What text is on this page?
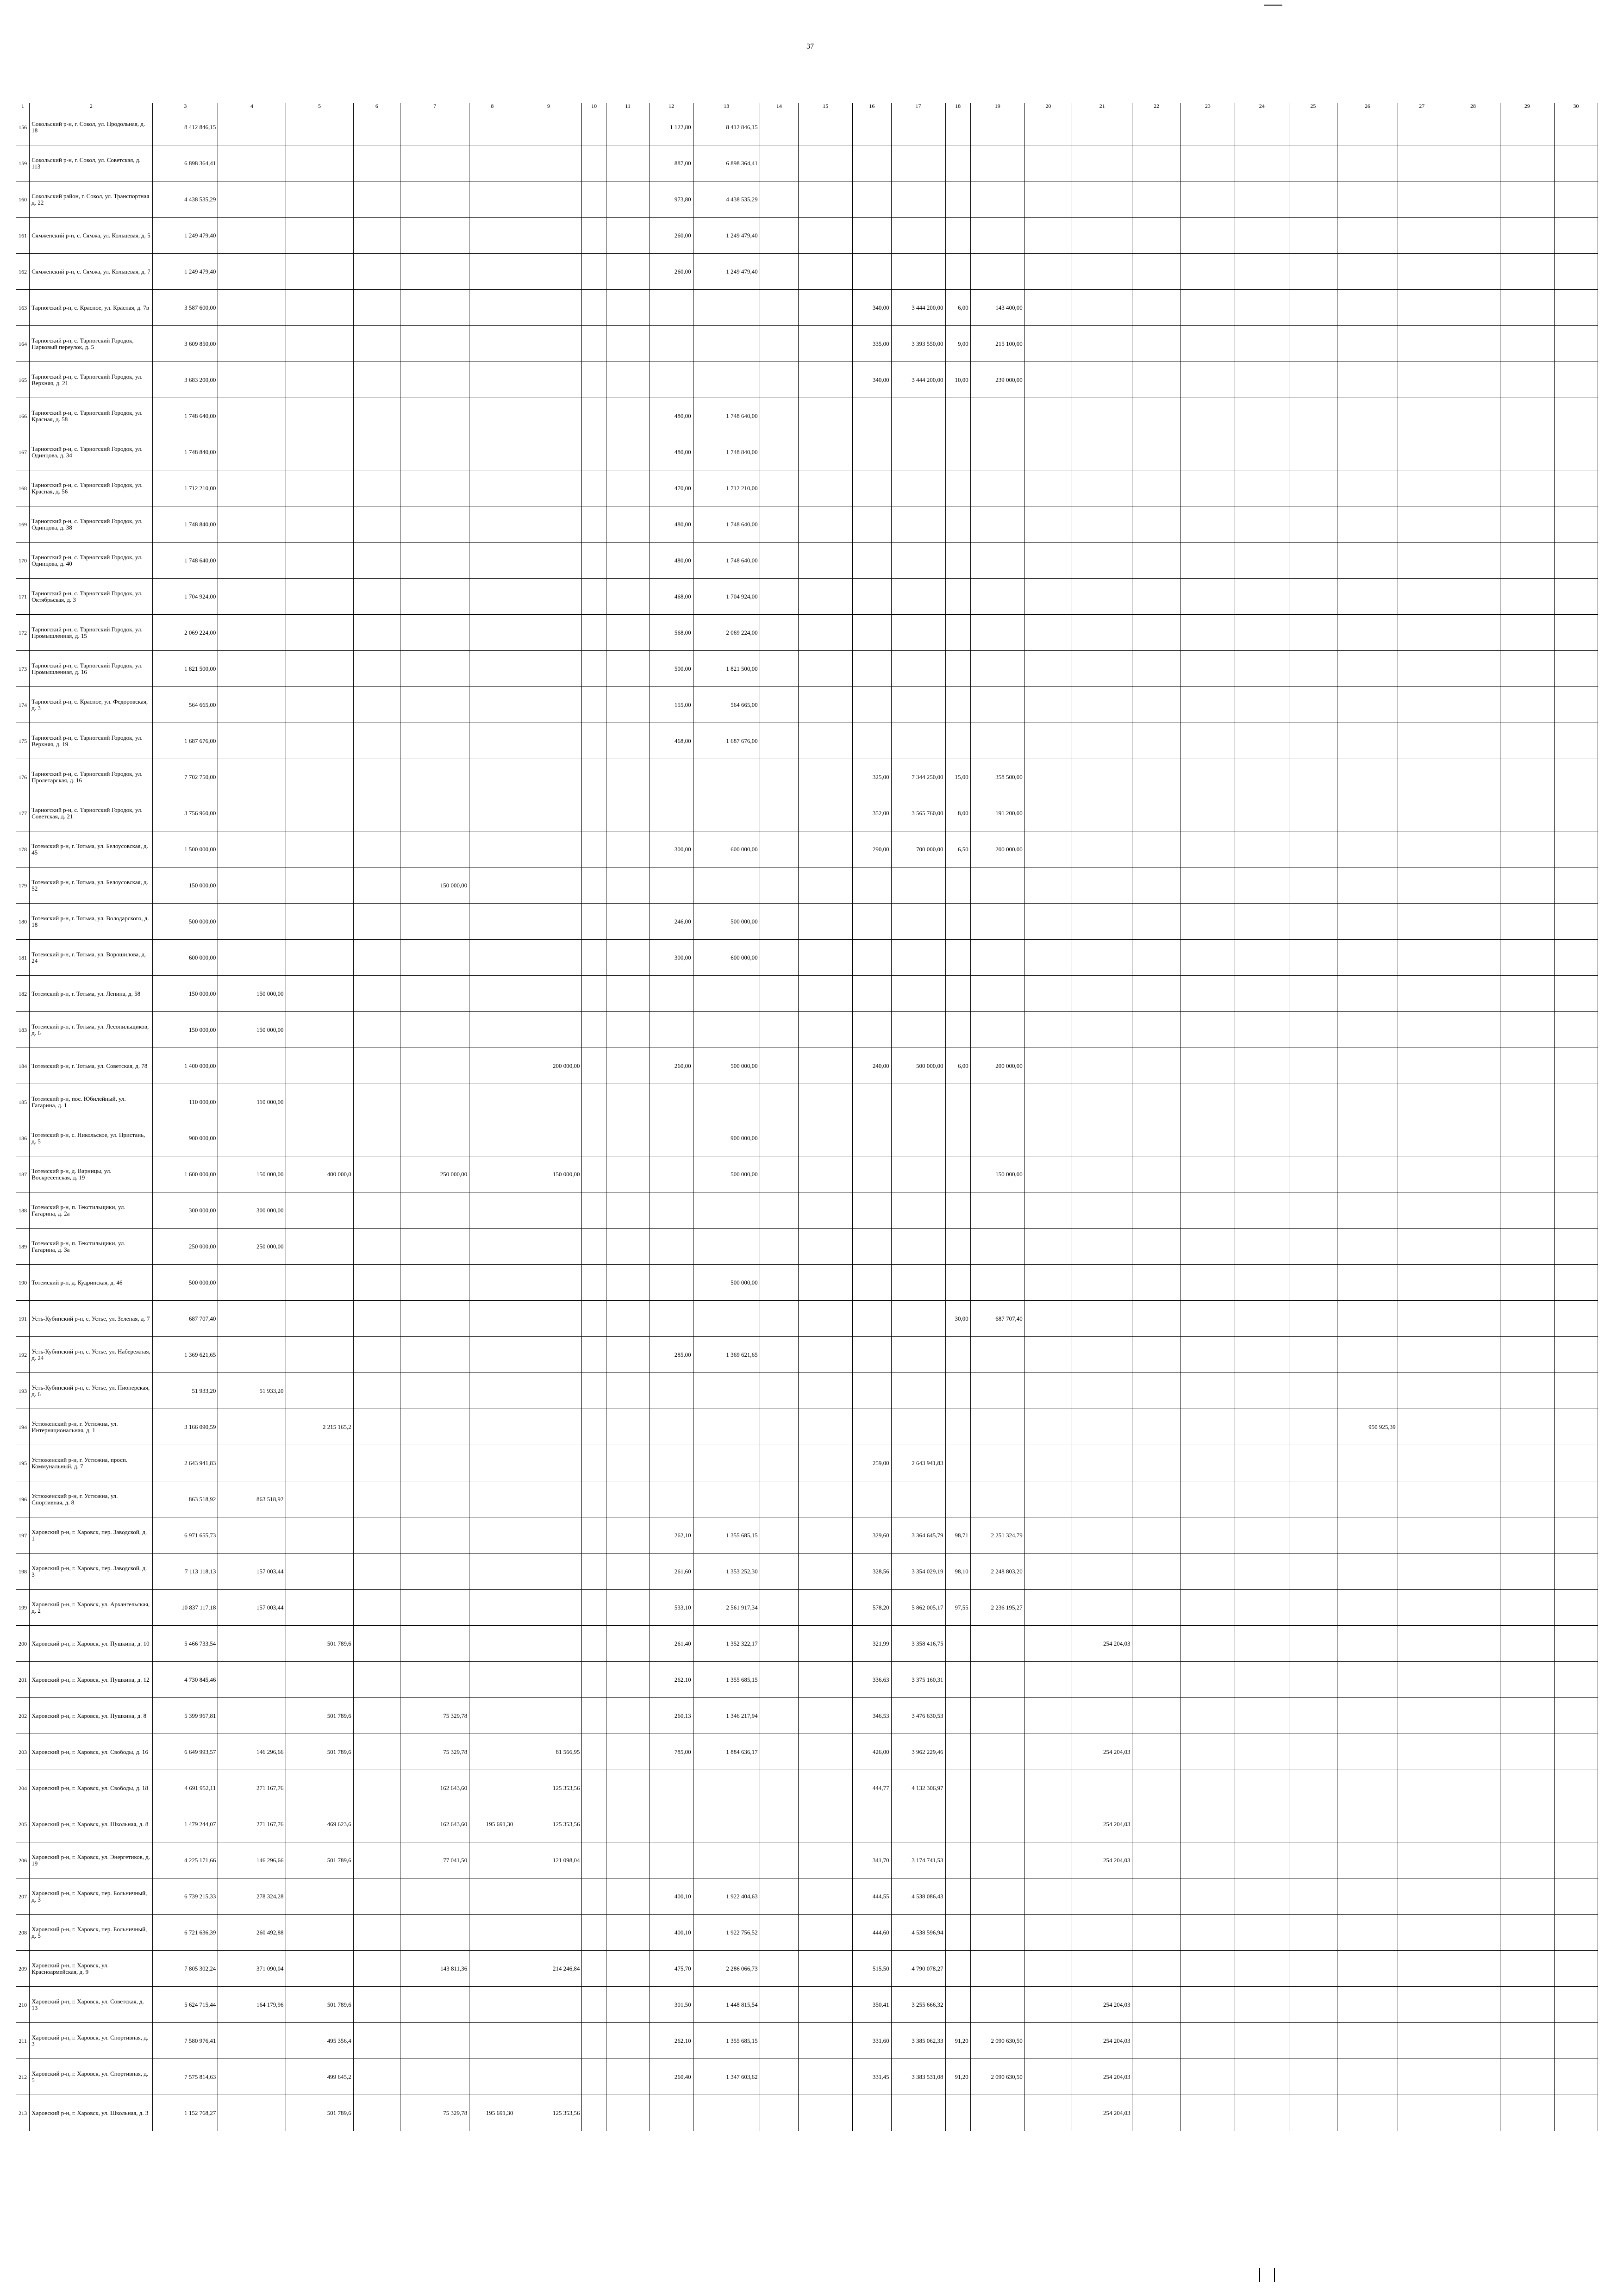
37
1	2	3	4	5	6	7	8	9	10	11	12	13	14	15	16	17	18	19	20	21	22	23	24	25	26	27	28	29	30
156	Сокольский р-н, г. Сокол, ул. Продольная, д. 18	8 412 846,15									1 122,80	8 412 846,15																	
159	Сокольский р-н, г. Сокол, ул. Советская, д. 113	6 898 364,41									887,00	6 898 364,41																	
160	Сокольский район, г. Сокол, ул. Транспортная д. 22	4 438 535,29									973,80	4 438 535,29																	
161	Сямженский р-н, с. Сямжа, ул. Кольцевая, д. 5	1 249 479,40									260,00	1 249 479,40																	
162	Сямженский р-н, с. Сямжа, ул. Кольцевая, д. 7	1 249 479,40									260,00	1 249 479,40																	
163	Тарногский р-н, с. Красное, ул. Красная, д. 7в	3 587 600,00													340,00	3 444 200,00	6,00	143 400,00											
164	Тарногский р-н, с. Тарногский Городок, Парковый переулок, д. 5	3 609 850,00													335,00	3 393 550,00	9,00	215 100,00											
165	Тарногский р-н, с. Тарногский Городок, ул. Верхняя, д. 21	3 683 200,00													340,00	3 444 200,00	10,00	239 000,00											
166	Тарногский р-н, с. Тарногский Городок, ул. Красная, д. 58	1 748 640,00									480,00	1 748 640,00																	
167	Тарногский р-н, с. Тарногский Городок, ул. Одинцова, д. 34	1 748 840,00									480,00	1 748 840,00																	
168	Тарногский р-н, с. Тарногский Городок, ул. Красная, д. 56	1 712 210,00									470,00	1 712 210,00																	
169	Тарногский р-н, с. Тарногский Городок, ул. Одинцова, д. 38	1 748 840,00									480,00	1 748 640,00																	
170	Тарногский р-н, с. Тарногский Городок, ул. Одинцова, д. 40	1 748 640,00									480,00	1 748 640,00																	
171	Тарногский р-н, с. Тарногский Городок, ул. Октябрьская, д. 3	1 704 924,00									468,00	1 704 924,00																	
172	Тарногский р-н, с. Тарногский Городок, ул. Промышленная, д. 15	2 069 224,00									568,00	2 069 224,00																	
173	Тарногский р-н, с. Тарногский Городок, ул. Промышленная, д. 16	1 821 500,00									500,00	1 821 500,00																	
174	Тарногский р-н, с. Красное, ул. Федоровская, д. 3	564 665,00									155,00	564 665,00																	
175	Тарногский р-н, с. Тарногский Городок, ул. Верхняя, д. 19	1 687 676,00									468,00	1 687 676,00																	
176	Тарногский р-н, с. Тарногский Городок, ул. Пролетарская, д. 16	7 702 750,00													325,00	7 344 250,00	15,00	358 500,00											
177	Тарногский р-н, с. Тарногский Городок, ул. Советская, д. 21	3 756 960,00													352,00	3 565 760,00	8,00	191 200,00											
178	Тотемский р-н, г. Тотьма, ул. Белоусовская, д. 45	1 500 000,00									300,00	600 000,00			290,00	700 000,00	6,50	200 000,00											
179	Тотемский р-н, г. Тотьма, ул. Белоусовская, д. 52	150 000,00				150 000,00																							
180	Тотемский р-н, г. Тотьма, ул. Володарского, д. 18	500 000,00									246,00	500 000,00																	
181	Тотемский р-н, г. Тотьма, ул. Ворошилова, д. 24	600 000,00									300,00	600 000,00																	
182	Тотемский р-н, г. Тотьма, ул. Ленина, д. 58	150 000,00	150 000,00																										
183	Тотемский р-н, г. Тотьма, ул. Лесопильщиков, д. 6	150 000,00	150 000,00																										
184	Тотемский р-н, г. Тотьма, ул. Советская, д. 78	1 400 000,00						200 000,00			260,00	500 000,00			240,00	500 000,00	6,00	200 000,00											
185	Тотемский р-н, пос. Юбилейный, ул. Гагарина, д. 1	110 000,00	110 000,00																										
186	Тотемский р-н, с. Никольское, ул. Пристань, д. 5	900 000,00										900 000,00																	
187	Тотемский р-н, д. Варницы, ул. Воскресенская, д. 19	1 600 000,00	150 000,00	400 000,0		250 000,00		150 000,00				500 000,00						150 000,00											
188	Тотемский р-н, п. Текстильщики, ул. Гагарина, д. 2а	300 000,00	300 000,00																										
189	Тотемский р-н, п. Текстильщики, ул. Гагарина, д. 3а	250 000,00	250 000,00																										
190	Тотемский р-н, д. Кудринская, д. 46	500 000,00										500 000,00																	
191	Усть-Кубинский р-н, с. Устье, ул. Зеленая, д. 7	687 707,40															30,00	687 707,40											
192	Усть-Кубинский р-н, с. Устье, ул. Набережная, д. 24	1 369 621,65									285,00	1 369 621,65																	
193	Усть-Кубинский р-н, с. Устье, ул. Пионерская, д. 6	51 933,20	51 933,20																										
194	Устюженский р-н, г. Устюжна, ул. Интернациональная, д. 1	3 166 090,59		2 215 165,2																					950 925,39				
195	Устюженский р-н, г. Устюжна, просп. Коммунальный, д. 7	2 643 941,83													259,00	2 643 941,83													
196	Устюженский р-н, г. Устюжна, ул. Спортивная, д. 8	863 518,92	863 518,92																										
197	Харовский р-н, г. Харовск, пер. Заводской, д. 1	6 971 655,73									262,10	1 355 685,15			329,60	3 364 645,79	98,71	2 251 324,79											
198	Харовский р-н, г. Харовск, пер. Заводской, д. 3	7 113 118,13	157 003,44								261,60	1 353 252,30			328,56	3 354 029,19	98,10	2 248 803,20											
199	Харовский р-н, г. Харовск, ул. Архангельская, д. 2	10 837 117,18	157 003,44								533,10	2 561 917,34			578,20	5 862 005,17	97,55	2 236 195,27											
200	Харовский р-н, г. Харовск, ул. Пушкина, д. 10	5 466 733,54		501 789,6							261,40	1 352 322,17			321,99	3 358 416,75				254 204,03									
201	Харовский р-н, г. Харовск, ул. Пушкина, д. 12	4 730 845,46									262,10	1 355 685,15			336,63	3 375 160,31													
202	Харовский р-н, г. Харовск, ул. Пушкина, д. 8	5 399 967,81		501 789,6		75 329,78					260,13	1 346 217,94			346,53	3 476 630,53													
203	Харовский р-н, г. Харовск, ул. Свободы, д. 16	6 649 993,57	146 296,66	501 789,6		75 329,78		81 566,95			785,00	1 884 636,17			426,00	3 962 229,46				254 204,03									
204	Харовский р-н, г. Харовск, ул. Свободы, д. 18	4 691 952,11	271 167,76			162 643,60		125 353,56							444,77	4 132 306,97													
205	Харовский р-н, г. Харовск, ул. Школьная, д. 8	1 479 244,07	271 167,76	469 623,6		162 643,60	195 691,30	125 353,56												254 204,03									
206	Харовский р-н, г. Харовск, ул. Энергетиков, д. 19	4 225 171,66	146 296,66	501 789,6		77 041,50		121 098,04							341,70	3 174 741,53				254 204,03									
207	Харовский р-н, г. Харовск, пер. Больничный, д. 3	6 739 215,33	278 324,28								400,10	1 922 404,63			444,55	4 538 086,43													
208	Харовский р-н, г. Харовск, пер. Больничный, д. 5	6 721 636,39	260 492,88								400,10	1 922 756,52			444,60	4 538 596,94													
209	Харовский р-н, г. Харовск, ул. Красноармейская, д. 9	7 805 302,24	371 090,04			143 811,36		214 246,84			475,70	2 286 066,73			515,50	4 790 078,27													
210	Харовский р-н, г. Харовск, ул. Советская, д. 13	5 624 715,44	164 179,96	501 789,6							301,50	1 448 815,54			350,41	3 255 666,32				254 204,03									
211	Харовский р-н, г. Харовск, ул. Спортивная, д. 3	7 580 976,41		495 356,4							262,10	1 355 685,15			331,60	3 385 062,33	91,20	2 090 630,50		254 204,03									
212	Харовский р-н, г. Харовск, ул. Спортивная, д. 5	7 575 814,63		499 645,2							260,40	1 347 603,62			331,45	3 383 531,08	91,20	2 090 630,50		254 204,03									
213	Харовский р-н, г. Харовск, ул. Школьная, д. 3	1 152 768,27		501 789,6		75 329,78	195 691,30	125 353,56												254 204,03									
